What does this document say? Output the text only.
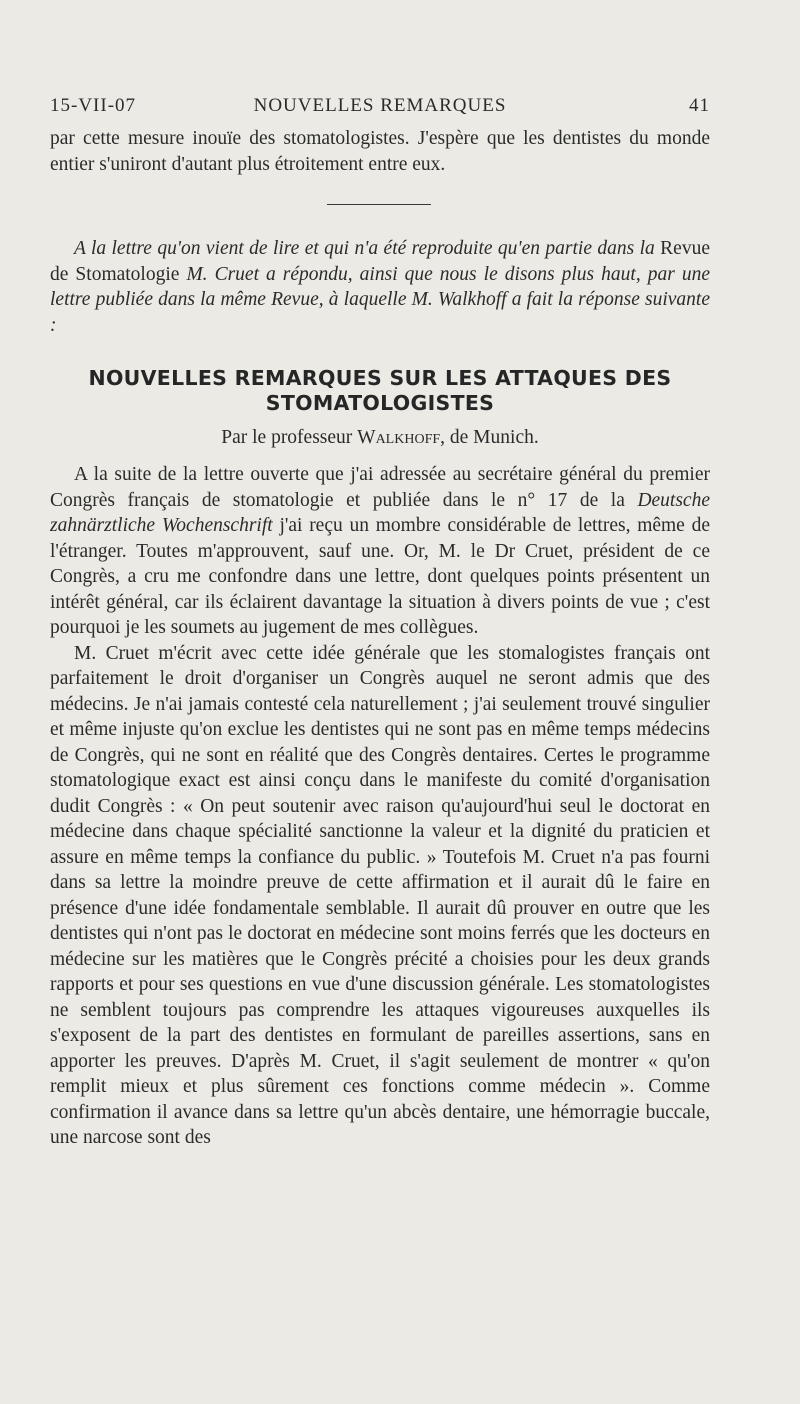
15-VII-07	NOUVELLES REMARQUES	41

par cette mesure inouïe des stomatologistes. J'espère que les dentistes du monde entier s'uniront d'autant plus étroitement entre eux.

A la lettre qu'on vient de lire et qui n'a été reproduite qu'en partie dans la Revue de Stomatologie M. Cruet a répondu, ainsi que nous le disons plus haut, par une lettre publiée dans la même Revue, à laquelle M. Walkhoff a fait la réponse suivante :

NOUVELLES REMARQUES SUR LES ATTAQUES DES
STOMATOLOGISTES
Par le professeur Walkhoff, de Munich.

A la suite de la lettre ouverte que j'ai adressée au secrétaire général du premier Congrès français de stomatologie et publiée dans le n° 17 de la Deutsche zahnärztliche Wochenschrift j'ai reçu un mombre considérable de lettres, même de l'étranger. Toutes m'approuvent, sauf une. Or, M. le Dr Cruet, président de ce Congrès, a cru me confondre dans une lettre, dont quelques points présentent un intérêt général, car ils éclairent davantage la situation à divers points de vue ; c'est pourquoi je les soumets au jugement de mes collègues.

M. Cruet m'écrit avec cette idée générale que les stomalogistes français ont parfaitement le droit d'organiser un Congrès auquel ne seront admis que des médecins. Je n'ai jamais contesté cela naturellement ; j'ai seulement trouvé singulier et même injuste qu'on exclue les dentistes qui ne sont pas en même temps médecins de Congrès, qui ne sont en réalité que des Congrès dentaires. Certes le programme stomatologique exact est ainsi conçu dans le manifeste du comité d'organisation dudit Congrès : « On peut soutenir avec raison qu'aujourd'hui seul le doctorat en médecine dans chaque spécialité sanctionne la valeur et la dignité du praticien et assure en même temps la confiance du public. » Toutefois M. Cruet n'a pas fourni dans sa lettre la moindre preuve de cette affirmation et il aurait dû le faire en présence d'une idée fondamentale semblable. Il aurait dû prouver en outre que les dentistes qui n'ont pas le doctorat en médecine sont moins ferrés que les docteurs en médecine sur les matières que le Congrès précité a choisies pour les deux grands rapports et pour ses questions en vue d'une discussion générale. Les stomatologistes ne semblent toujours pas comprendre les attaques vigoureuses auxquelles ils s'exposent de la part des dentistes en formulant de pareilles assertions, sans en apporter les preuves. D'après M. Cruet, il s'agit seulement de montrer « qu'on remplit mieux et plus sûrement ces fonctions comme médecin ». Comme confirmation il avance dans sa lettre qu'un abcès dentaire, une hémorragie buccale, une narcose sont des
